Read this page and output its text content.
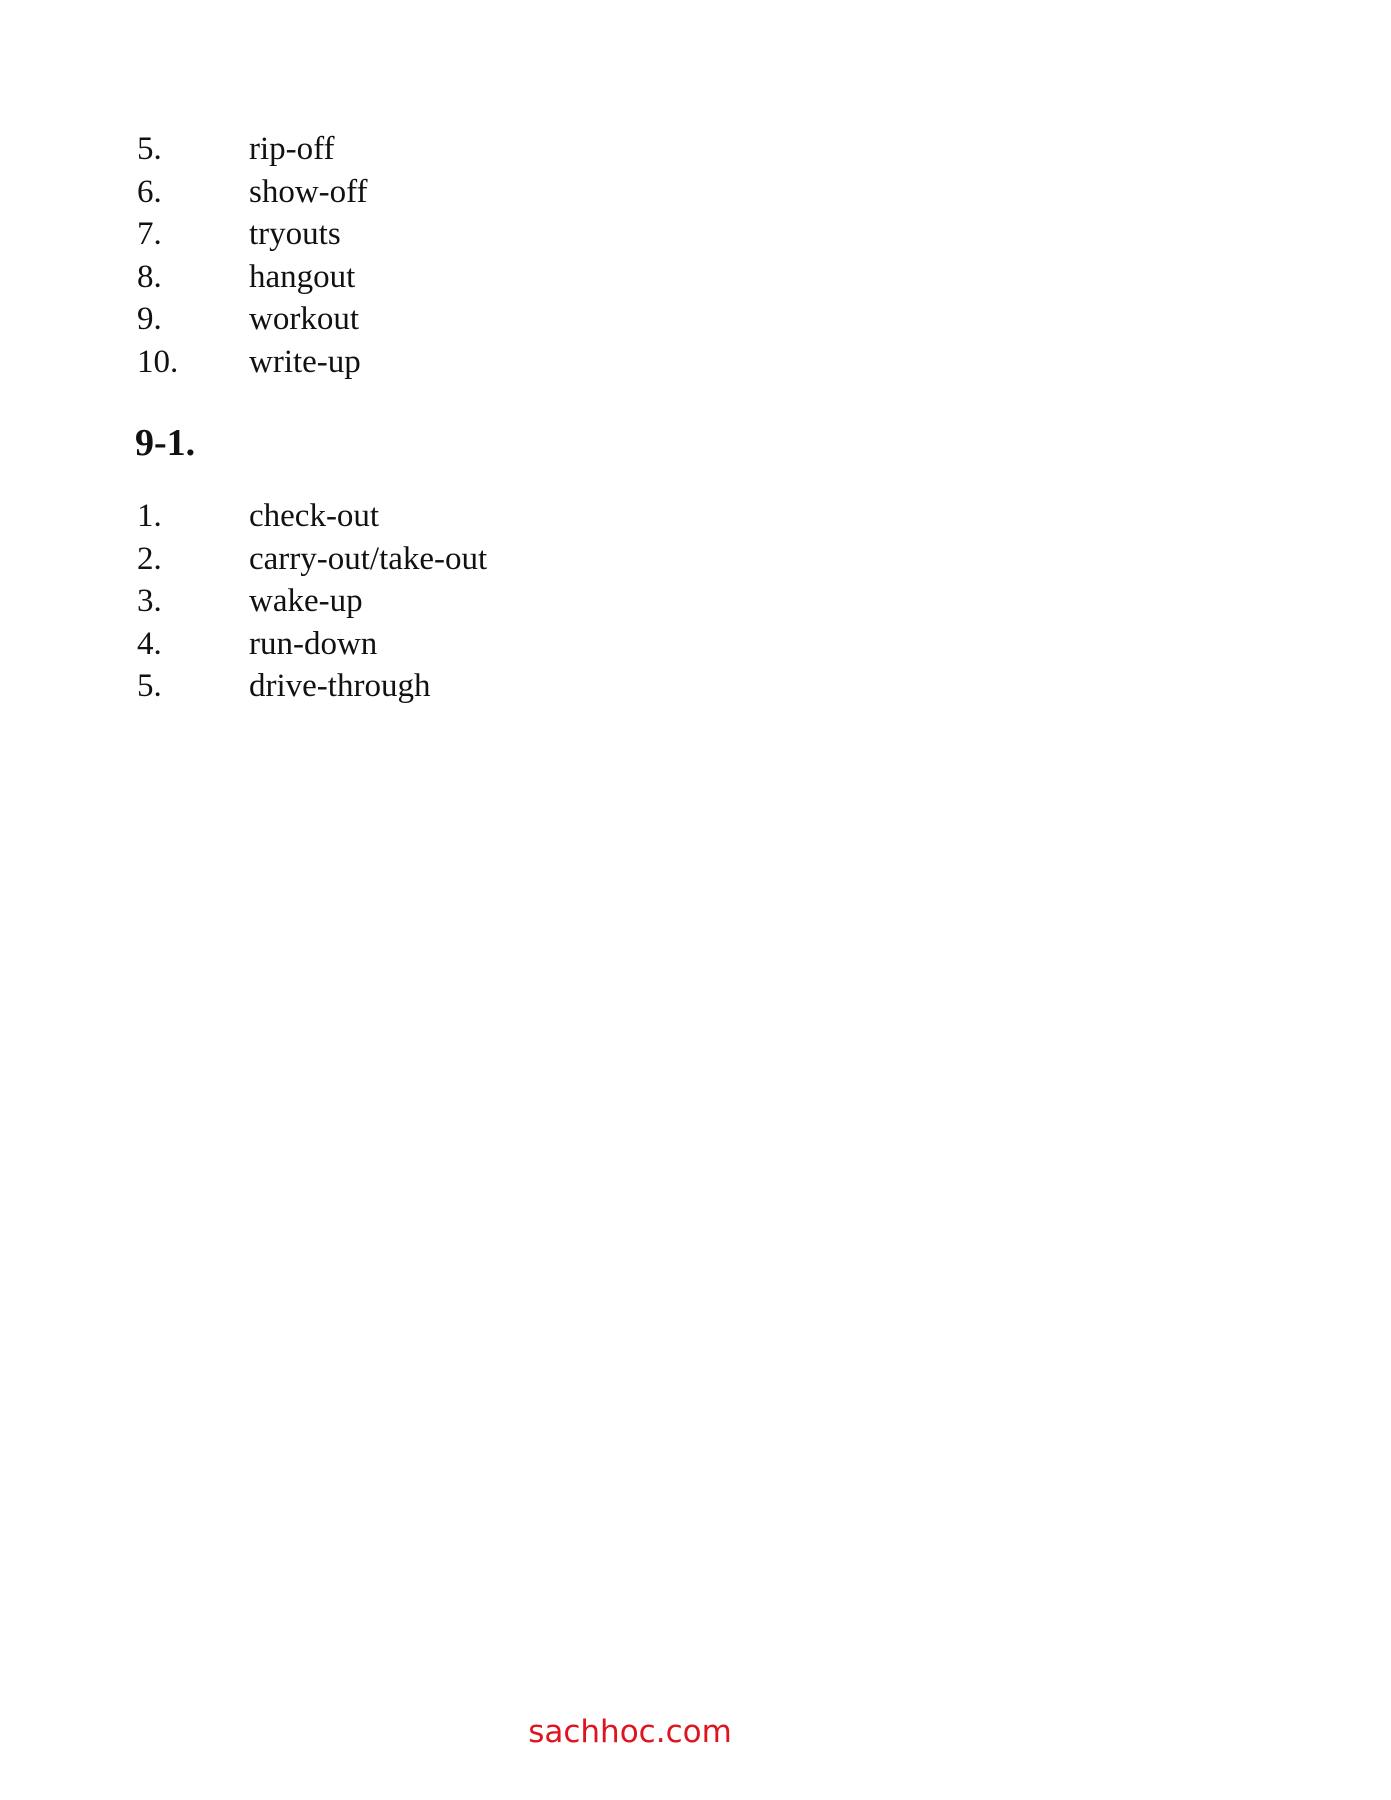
5.	rip-off
6.	show-off
7.	tryouts
8.	hangout
9.	workout
10.	write-up
9-1.
1.	check-out
2.	carry-out/take-out
3.	wake-up
4.	run-down
5.	drive-through
sachhoc.com
